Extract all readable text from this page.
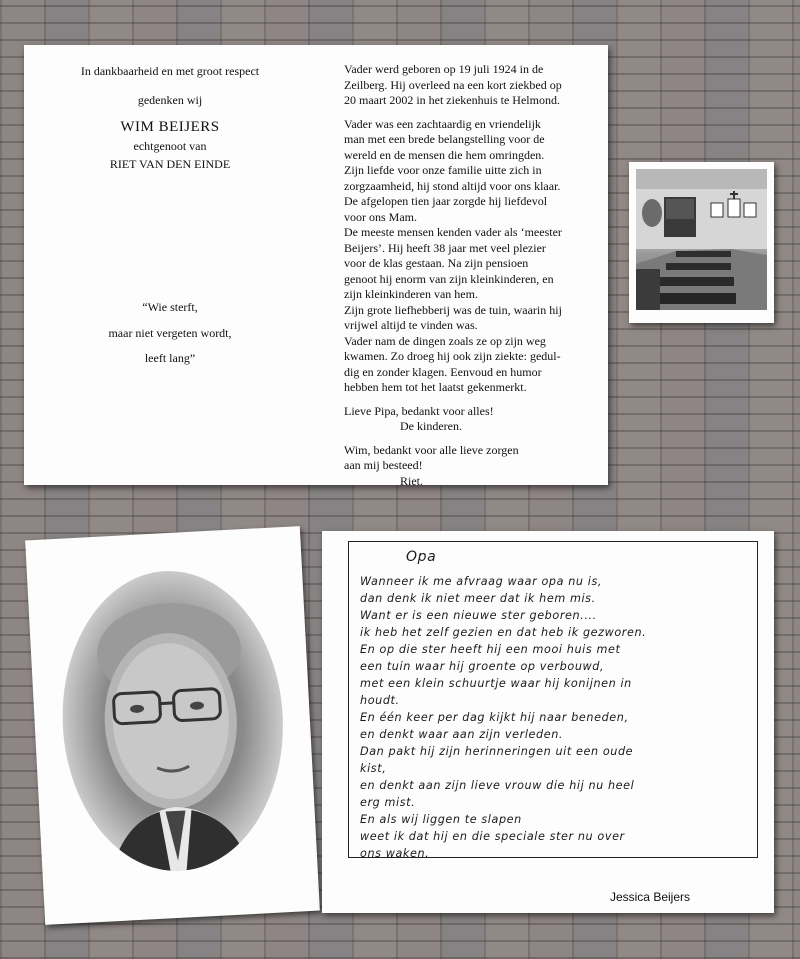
In dankbaarheid en met groot respect
gedenken wij
WIM BEIJERS
echtgenoot van
RIET VAN DEN EINDE
“Wie sterft,
maar niet vergeten wordt,
leeft lang”

Vader werd geboren op 19 juli 1924 in de
Zeilberg. Hij overleed na een kort ziekbed op
20 maart 2002 in het ziekenhuis te Helmond.

Vader was een zachtaardig en vriendelijk
man met een brede belangstelling voor de
wereld en de mensen die hem omringden.
Zijn liefde voor onze familie uitte zich in
zorgzaamheid, hij stond altijd voor ons klaar.
De afgelopen tien jaar zorgde hij liefdevol
voor ons Mam.
De meeste mensen kenden vader als ‘meester
Beijers’. Hij heeft 38 jaar met veel plezier
voor de klas gestaan. Na zijn pensioen
genoot hij enorm van zijn kleinkinderen, en
zijn kleinkinderen van hem.
Zijn grote liefhebberij was de tuin, waarin hij
vrijwel altijd te vinden was.
Vader nam de dingen zoals ze op zijn weg
kwamen. Zo droeg hij ook zijn ziekte: gedul-
dig en zonder klagen. Eenvoud en humor
hebben hem tot het laatst gekenmerkt.

Lieve Pipa, bedankt voor alles!
De kinderen.

Wim, bedankt voor alle lieve zorgen
aan mij besteed!
Riet.

Opa
Wanneer ik me afvraag waar opa nu is,
dan denk ik niet meer dat ik hem mis.
Want er is een nieuwe ster geboren....
ik heb het zelf gezien en dat heb ik gezworen.
En op die ster heeft hij een mooi huis met
een tuin waar hij groente op verbouwd,
met een klein schuurtje waar hij konijnen in
houdt.
En één keer per dag kijkt hij naar beneden,
en denkt waar aan zijn verleden.
Dan pakt hij zijn herinneringen uit een oude
kist,
en denkt aan zijn lieve vrouw die hij nu heel
erg mist.
En als wij liggen te slapen
weet ik dat hij en die speciale ster nu over
ons waken.
Jessica Beijers
